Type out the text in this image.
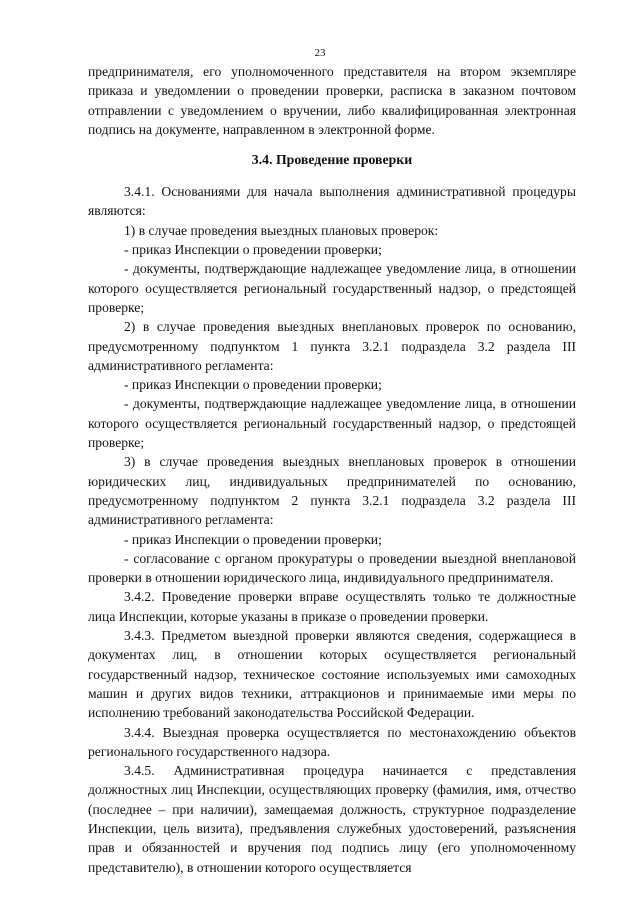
23

предпринимателя, его уполномоченного представителя на втором экземпляре приказа и уведомлении о проведении проверки, расписка в заказном почтовом отправлении с уведомлением о вручении, либо квалифицированная электронная подпись на документе, направленном в электронной форме.

3.4. Проведение проверки

3.4.1. Основаниями для начала выполнения административной процедуры являются:

1) в случае проведения выездных плановых проверок:

- приказ Инспекции о проведении проверки;

- документы, подтверждающие надлежащее уведомление лица, в отношении которого осуществляется региональный государственный надзор, о предстоящей проверке;

2) в случае проведения выездных внеплановых проверок по основанию, предусмотренному подпунктом 1 пункта 3.2.1 подраздела 3.2 раздела III административного регламента:

- приказ Инспекции о проведении проверки;

- документы, подтверждающие надлежащее уведомление лица, в отношении которого осуществляется региональный государственный надзор, о предстоящей проверке;

3) в случае проведения выездных внеплановых проверок в отношении юридических лиц, индивидуальных предпринимателей по основанию, предусмотренному подпунктом 2 пункта 3.2.1 подраздела 3.2 раздела III административного регламента:

- приказ Инспекции о проведении проверки;

- согласование с органом прокуратуры о проведении выездной внеплановой проверки в отношении юридического лица, индивидуального предпринимателя.

3.4.2. Проведение проверки вправе осуществлять только те должностные лица Инспекции, которые указаны в приказе о проведении проверки.

3.4.3. Предметом выездной проверки являются сведения, содержащиеся в документах лиц, в отношении которых осуществляется региональный государственный надзор, техническое состояние используемых ими самоходных машин и других видов техники, аттракционов и принимаемые ими меры по исполнению требований законодательства Российской Федерации.

3.4.4. Выездная проверка осуществляется по местонахождению объектов регионального государственного надзора.

3.4.5. Административная процедура начинается с представления должностных лиц Инспекции, осуществляющих проверку (фамилия, имя, отчество (последнее – при наличии), замещаемая должность, структурное подразделение Инспекции, цель визита), предъявления служебных удостоверений, разъяснения прав и обязанностей и вручения под подпись лицу (его уполномоченному представителю), в отношении которого осуществляется
